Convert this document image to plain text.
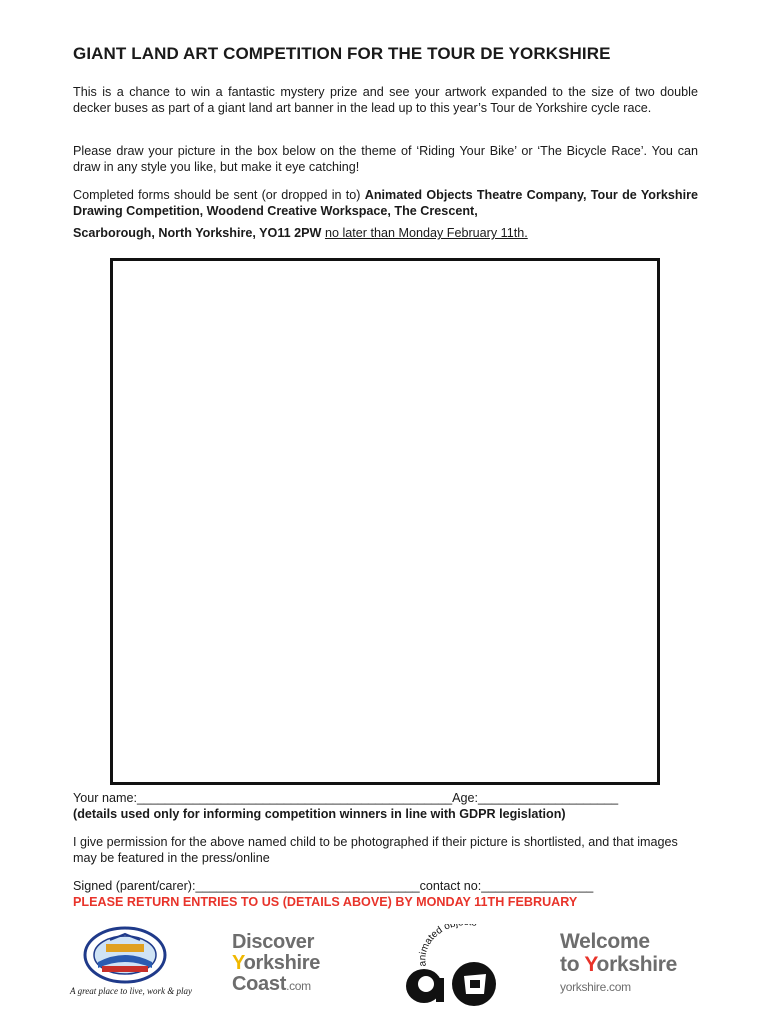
GIANT LAND ART COMPETITION FOR THE TOUR DE YORKSHIRE
This is a chance to win a fantastic mystery prize and see your artwork expanded to the size of two double decker buses as part of a giant land art banner in the lead up to this year’s Tour de Yorkshire cycle race.
Please draw your picture in the box below on the theme of ‘Riding Your Bike’ or ‘The Bicycle Race’. You can draw in any style you like, but make it eye catching!
Completed forms should be sent (or dropped in to) Animated Objects Theatre Company, Tour de Yorkshire Drawing Competition, Woodend Creative Workspace, The Crescent,
Scarborough, North Yorkshire, YO11 2PW no later than Monday February 11th.
Your name:_____________________________________________Age:____________________
(details used only for informing competition winners in line with GDPR legislation)
I give permission for the above named child to be photographed if their picture is shortlisted, and that images may be featured in the press/online
Signed (parent/carer):________________________________contact no:________________
PLEASE RETURN ENTRIES TO US (DETAILS ABOVE) BY MONDAY 11TH FEBRUARY
A great place to live, work & play
Discover
Yorkshire
Coast.com
animated ob
Welcome
to Yorkshire
yorkshire.com
